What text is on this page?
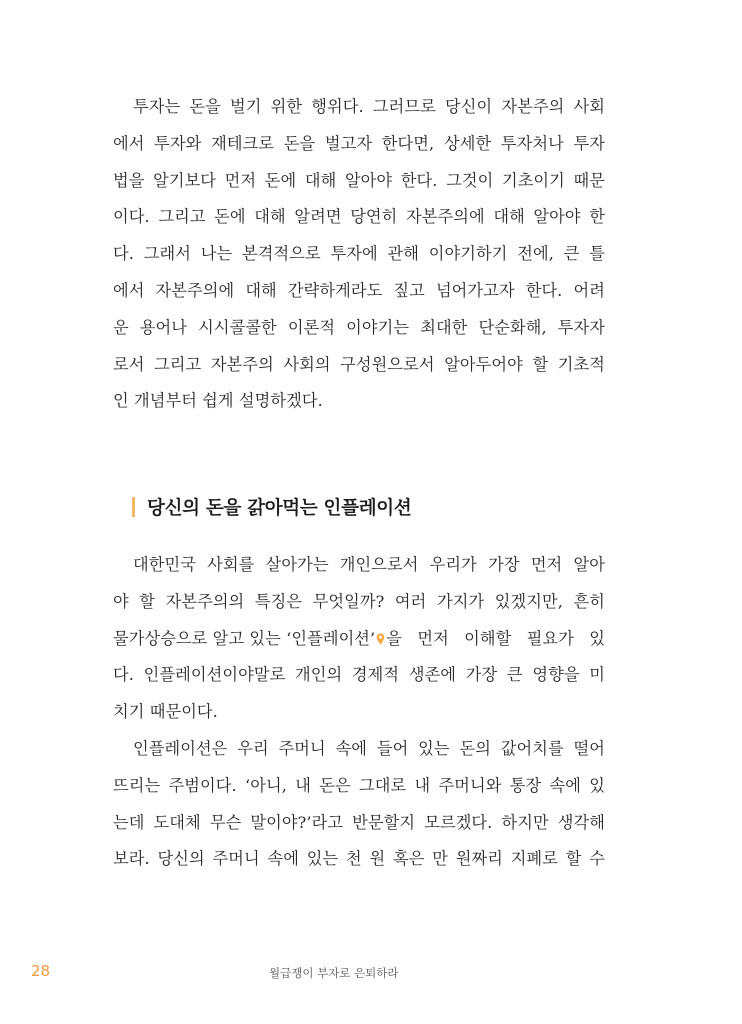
투자는 돈을 벌기 위한 행위다. 그러므로 당신이 자본주의 사회
에서 투자와 재테크로 돈을 벌고자 한다면, 상세한 투자처나 투자
법을 알기보다 먼저 돈에 대해 알아야 한다. 그것이 기초이기 때문
이다. 그리고 돈에 대해 알려면 당연히 자본주의에 대해 알아야 한
다. 그래서 나는 본격적으로 투자에 관해 이야기하기 전에, 큰 틀
에서 자본주의에 대해 간략하게라도 짚고 넘어가고자 한다. 어려
운 용어나 시시콜콜한 이론적 이야기는 최대한 단순화해, 투자자
로서 그리고 자본주의 사회의 구성원으로서 알아두어야 할 기초적
인 개념부터 쉽게 설명하겠다.
당신의 돈을 갉아먹는 인플레이션
대한민국 사회를 살아가는 개인으로서 우리가 가장 먼저 알아
야 할 자본주의의 특징은 무엇일까? 여러 가지가 있겠지만, 흔히
물가상승으로 알고 있는 ‘인플레이션’ 을 먼저 이해할 필요가 있
다. 인플레이션이야말로 개인의 경제적 생존에 가장 큰 영향을 미
치기 때문이다.
인플레이션은 우리 주머니 속에 들어 있는 돈의 값어치를 떨어
뜨리는 주범이다. ‘아니, 내 돈은 그대로 내 주머니와 통장 속에 있
는데 도대체 무슨 말이야?’라고 반문할지 모르겠다. 하지만 생각해
보라. 당신의 주머니 속에 있는 천 원 혹은 만 원짜리 지폐로 할 수
28	월급쟁이 부자로 은퇴하라
